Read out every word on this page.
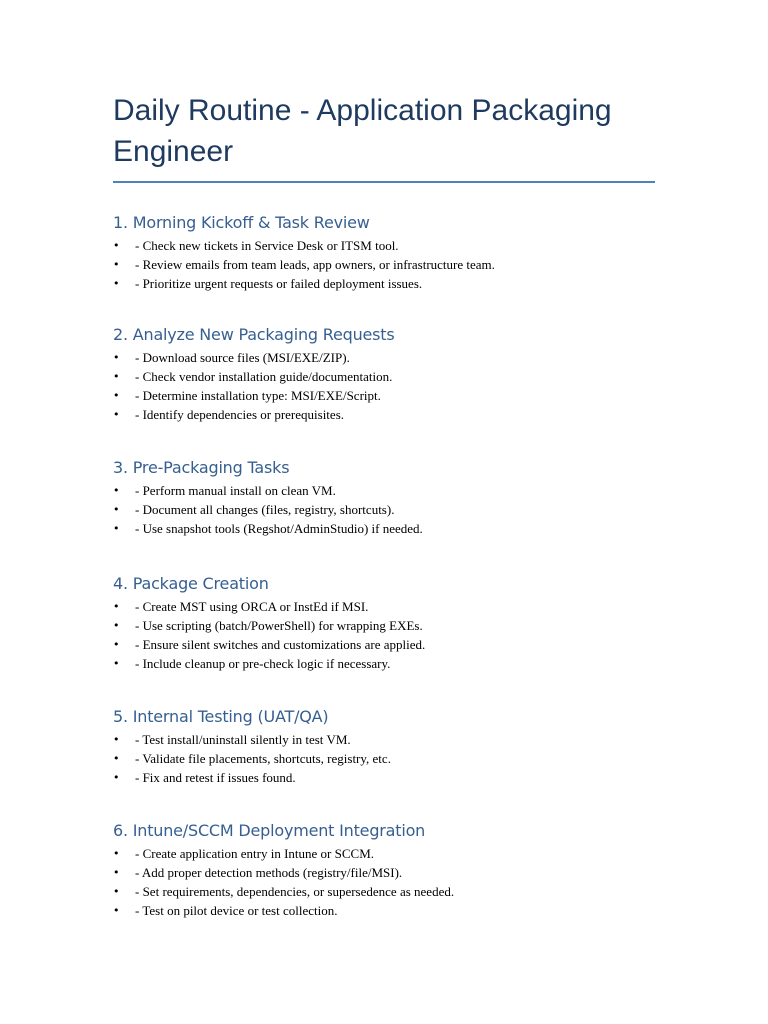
Daily Routine - Application Packaging
Engineer
1. Morning Kickoff & Task Review
• - Check new tickets in Service Desk or ITSM tool.
• - Review emails from team leads, app owners, or infrastructure team.
• - Prioritize urgent requests or failed deployment issues.
2. Analyze New Packaging Requests
• - Download source files (MSI/EXE/ZIP).
• - Check vendor installation guide/documentation.
• - Determine installation type: MSI/EXE/Script.
• - Identify dependencies or prerequisites.
3. Pre-Packaging Tasks
• - Perform manual install on clean VM.
• - Document all changes (files, registry, shortcuts).
• - Use snapshot tools (Regshot/AdminStudio) if needed.
4. Package Creation
• - Create MST using ORCA or InstEd if MSI.
• - Use scripting (batch/PowerShell) for wrapping EXEs.
• - Ensure silent switches and customizations are applied.
• - Include cleanup or pre-check logic if necessary.
5. Internal Testing (UAT/QA)
• - Test install/uninstall silently in test VM.
• - Validate file placements, shortcuts, registry, etc.
• - Fix and retest if issues found.
6. Intune/SCCM Deployment Integration
• - Create application entry in Intune or SCCM.
• - Add proper detection methods (registry/file/MSI).
• - Set requirements, dependencies, or supersedence as needed.
• - Test on pilot device or test collection.
